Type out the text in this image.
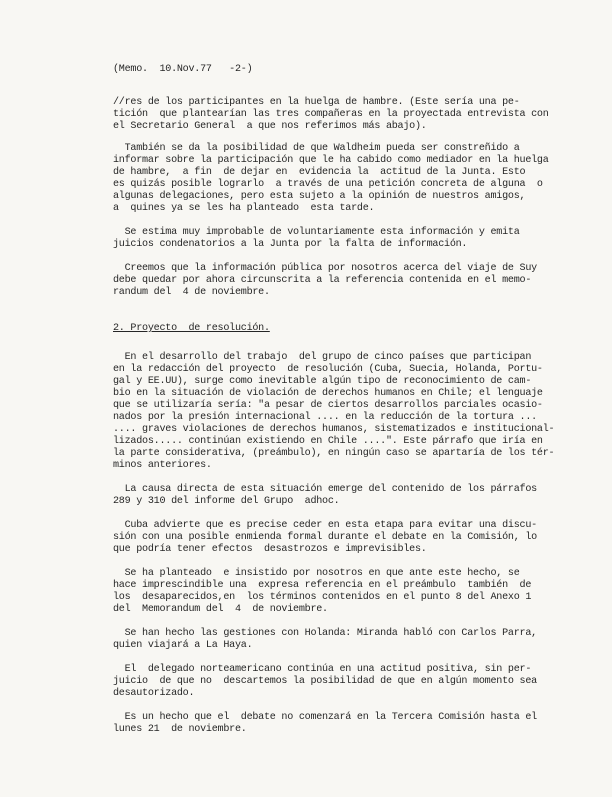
(Memo.  10.Nov.77   -2-)
//res de los participantes en la huelga de hambre. (Este sería una pe-
tición  que plantearían las tres compañeras en la proyectada entrevista con
el Secretario General  a que nos referimos más abajo).
También se da la posibilidad de que Waldheim pueda ser constreñido a
informar sobre la participación que le ha cabido como mediador en la huelga
de hambre,  a fin  de dejar en  evidencia la  actitud de la Junta. Esto
es quizás posible lograrlo  a través de una petición concreta de alguna  o
algunas delegaciones, pero esta sujeto a la opinión de nuestros amigos,
a  quines ya se les ha planteado  esta tarde.
Se estima muy improbable de voluntariamente esta información y emita
juicios condenatorios a la Junta por la falta de información.
Creemos que la información pública por nosotros acerca del viaje de Suy
debe quedar por ahora circunscrita a la referencia contenida en el memo-
randum del  4 de noviembre.
2. Proyecto  de resolución.
En el desarrollo del trabajo  del grupo de cinco países que participan
en la redacción del proyecto  de resolución (Cuba, Suecia, Holanda, Portu-
gal y EE.UU), surge como inevitable algún tipo de reconocimiento de cam-
bio en la situación de violación de derechos humanos en Chile; el lenguaje
que se utilizaría sería: "a pesar de ciertos desarrollos parciales ocasio-
nados por la presión internacional .... en la reducción de la tortura ...
.... graves violaciones de derechos humanos, sistematizados e institucional-
lizados..... continúan existiendo en Chile ....". Este párrafo que iría en
la parte considerativa, (preámbulo), en ningún caso se apartaría de los tér-
minos anteriores.
La causa directa de esta situación emerge del contenido de los párrafos
289 y 310 del informe del Grupo  adhoc.
Cuba advierte que es precise ceder en esta etapa para evitar una discu-
sión con una posible enmienda formal durante el debate en la Comisión, lo
que podría tener efectos  desastrozos e imprevisibles.
Se ha planteado  e insistido por nosotros en que ante este hecho, se
hace imprescindible una  expresa referencia en el preámbulo  también  de
los  desaparecidos,en  los términos contenidos en el punto 8 del Anexo 1
del  Memorandum del  4  de noviembre.
Se han hecho las gestiones con Holanda: Miranda habló con Carlos Parra,
quien viajará a La Haya.
El  delegado norteamericano continúa en una actitud positiva, sin per-
juicio  de que no  descartemos la posibilidad de que en algún momento sea
desautorizado.
Es un hecho que el  debate no comenzará en la Tercera Comisión hasta el
lunes 21  de noviembre.
